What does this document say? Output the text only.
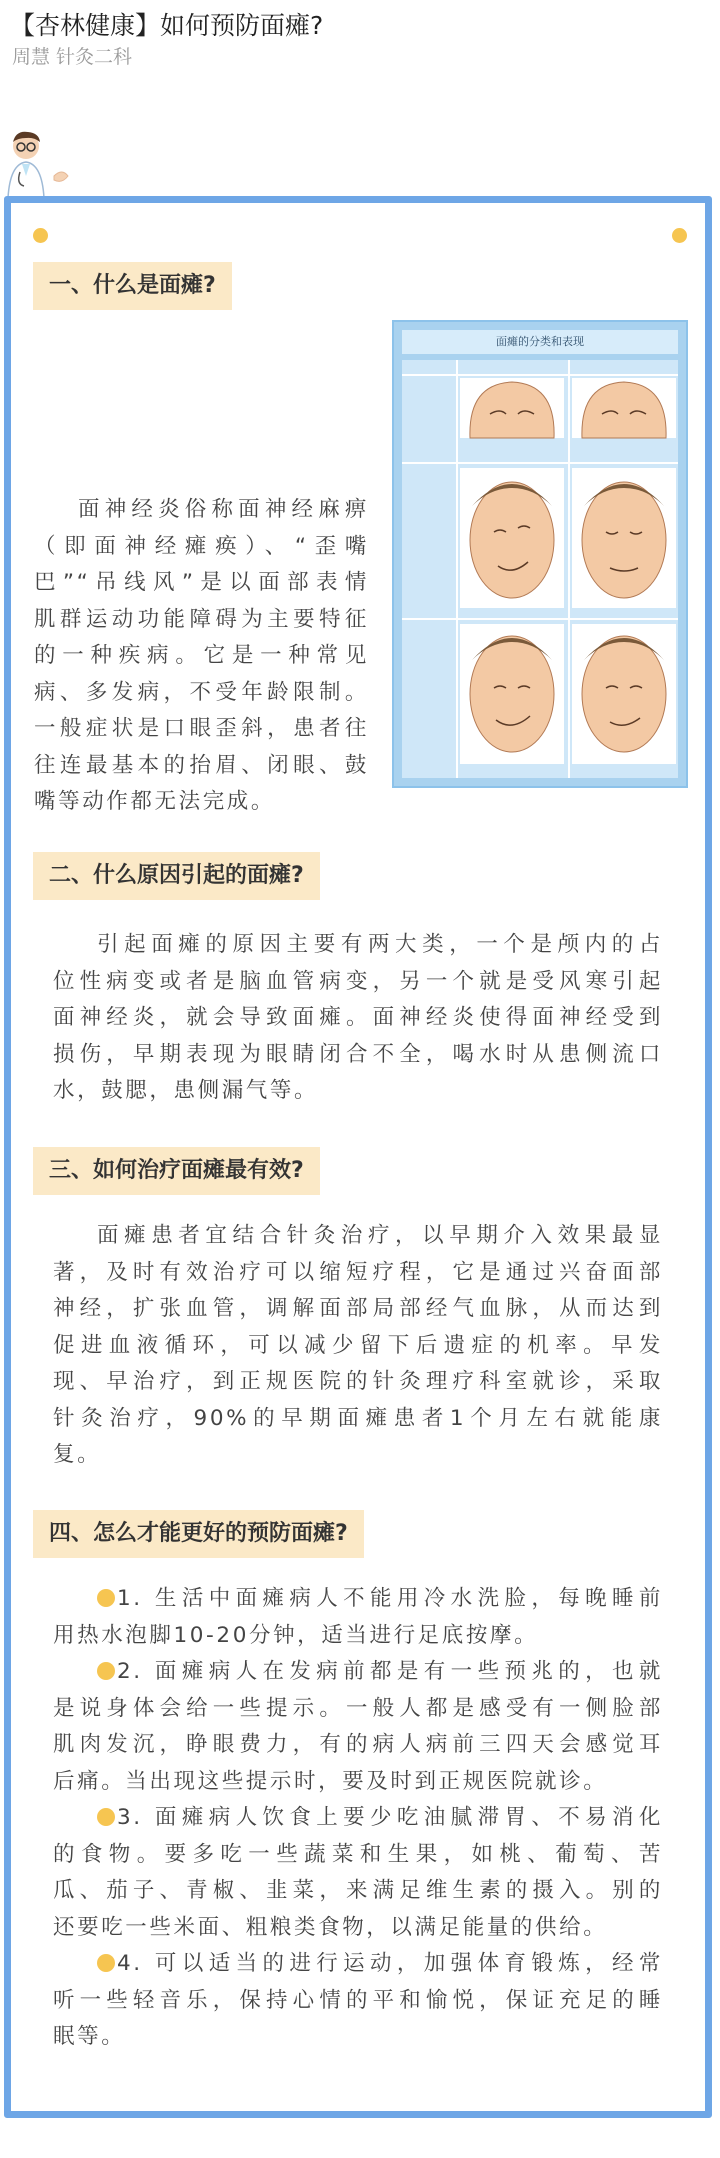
【杏林健康】如何预防面瘫?
周慧 针灸二科
一、什么是面瘫?
面神经炎俗称面神经麻痹
（即面神经瘫痪）、“歪嘴
巴”“吊线风”是以面部表情
肌群运动功能障碍为主要特征
的一种疾病。它是一种常见
病、多发病，不受年龄限制。
一般症状是口眼歪斜，患者往
往连最基本的抬眉、闭眼、鼓
嘴等动作都无法完成。
面瘫的分类和表现
二、什么原因引起的面瘫?
引起面瘫的原因主要有两大类，一个是颅内的占
位性病变或者是脑血管病变，另一个就是受风寒引起
面神经炎，就会导致面瘫。面神经炎使得面神经受到
损伤，早期表现为眼睛闭合不全，喝水时从患侧流口
水，鼓腮，患侧漏气等。
三、如何治疗面瘫最有效?
面瘫患者宜结合针灸治疗，以早期介入效果最显
著，及时有效治疗可以缩短疗程，它是通过兴奋面部
神经，扩张血管，调解面部局部经气血脉，从而达到
促进血液循环，可以减少留下后遗症的机率。早发
现、早治疗，到正规医院的针灸理疗科室就诊，采取
针灸治疗，90%的早期面瘫患者1个月左右就能康
复。
四、怎么才能更好的预防面瘫?
1. 生活中面瘫病人不能用冷水洗脸，每晚睡前
用热水泡脚10-20分钟，适当进行足底按摩。
2. 面瘫病人在发病前都是有一些预兆的，也就
是说身体会给一些提示。一般人都是感受有一侧脸部
肌肉发沉，睁眼费力，有的病人病前三四天会感觉耳
后痛。当出现这些提示时，要及时到正规医院就诊。
3. 面瘫病人饮食上要少吃油腻滞胃、不易消化
的食物。要多吃一些蔬菜和生果，如桃、葡萄、苦
瓜、茄子、青椒、韭菜，来满足维生素的摄入。别的
还要吃一些米面、粗粮类食物，以满足能量的供给。
4. 可以适当的进行运动，加强体育锻炼，经常
听一些轻音乐，保持心情的平和愉悦，保证充足的睡
眠等。
